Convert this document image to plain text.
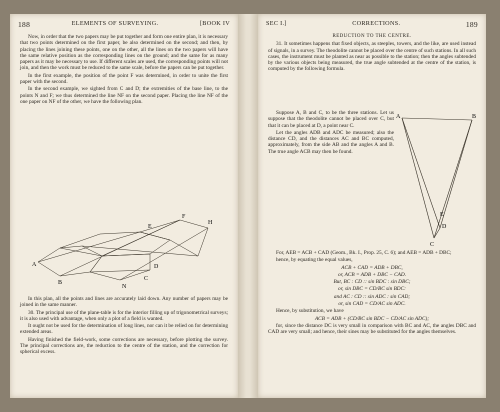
188	ELEMENTS OF SURVEYING.	[BOOK IV

Now, in order that the two papers may be put together and form one entire plan, it is necessary that two points determined on the first paper, be also determined on the second; and then, by placing the lines joining these points, one on the other, all the lines on the two papers will have the same relative position as the corresponding lines on the ground; and the same for as many papers as it may be necessary to use. If different scales are used, the corresponding points will not join, and then the work must be reduced to the same scale, before the papers can be put together.

In the first example, the position of the point F was determined, in order to unite the first paper with the second.

In the second example, we sighted from C and D; the extremities of the base line, to the points N and F; we thus determined the line NF on the second paper. Placing the line NF of the one paper on NF of the other, we have the following plan.

E
F
H
N
A
B
C
D

In this plan, all the points and lines are accurately laid down. Any number of papers may be joined in the same manner.

30. The principal use of the plane-table is for the interior filling up of trigonometrical surveys; it is also used with advantage, when only a plot of a field is wanted.

It ought not be used for the determination of long lines, nor can it be relied on for determining extended areas.

Having finished the field-work, some corrections are necessary, before plotting the survey. The principal corrections are, the reduction to the centre of the station, and the correction for spherical excess.

SEC I.]	CORRECTIONS.	189

REDUCTION TO THE CENTRE.

31. It sometimes happens that fixed objects, as steeples, towers, and the like, are used instead of signals, in a survey. The theodolite cannot be placed over the centre of such stations. In all such cases, the instrument must be planted as near as possible to the station; then the angles subtended by the various objects being measured, the true angle subtended at the centre of the station, is computed by the following formula.

Suppose A, B and C, to be the three stations. Let us suppose that the theodolite cannot be placed over C, but that it can be placed at D, a point near C.

Let the angles ADB and ADC be measured; also the distance CD, and the distances AC and BC computed, approximately, from the side AB and the angles A and B. The true angle ACB may then be found.

A	B
C
D
E

For, AEB = ACB + CAD (Geom., Bk. I., Prop. 25, C. 6); and AEB = ADB + DBC;

hence, by equating the equal values,

ACB + CAD = ADB + DBC,

or, ACB = ADB + DBC − CAD.

But, BC : CD :: sin BDC : sin DBC;

or, sin DBC = CD/BC sin BDC:

and AC : CD :: sin ADC : sin CAD;

or, sin CAD = CD/AC sin ADC.

Hence, by substitution, we have

ACB = ADB + (CD/BC sin BDC − CD/AC sin ADC);

for, since the distance DC is very small in comparison with BC and AC, the angles DBC and CAD are very small; and hence, their sines may be substituted for the angles themselves.
